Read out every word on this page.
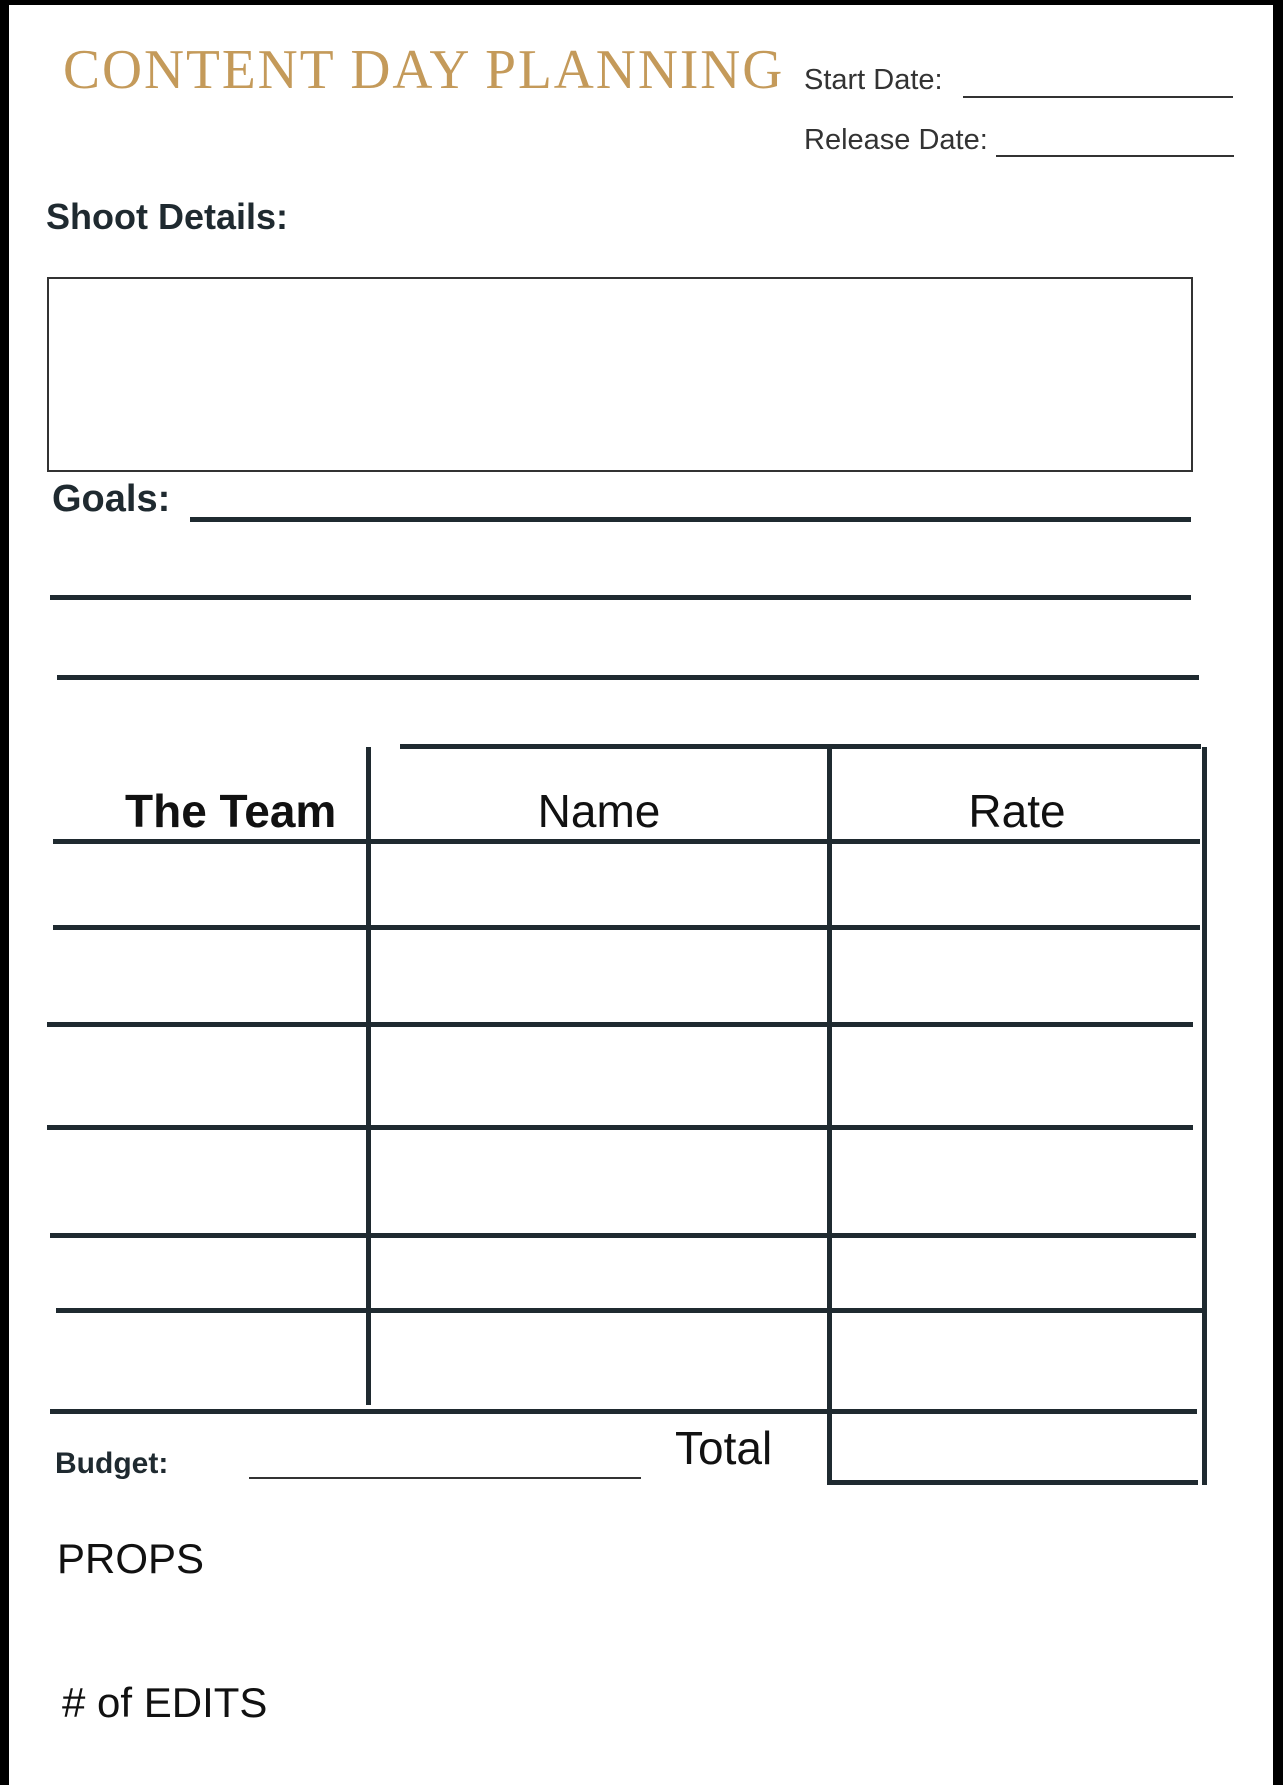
CONTENT DAY PLANNING Start Date:
Release Date:
Shoot Details:
Goals:
The Team	Name	Rate
Total
Budget:
PROPS
# of EDITS
